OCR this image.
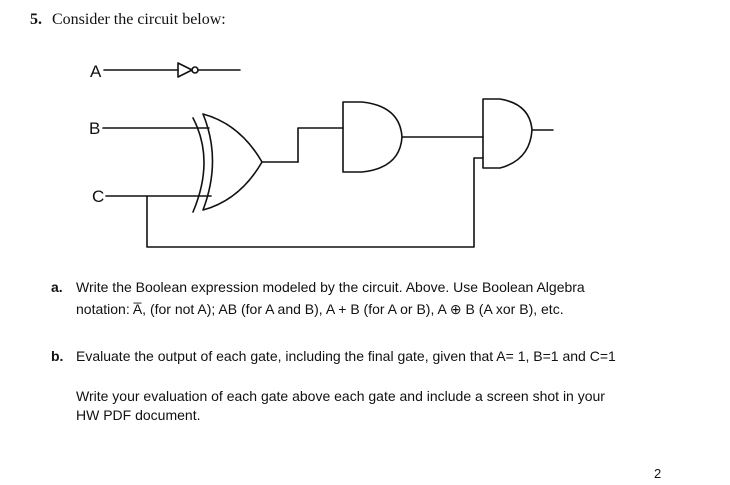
5. Consider the circuit below:
A
B
C
a. Write the Boolean expression modeled by the circuit. Above. Use Boolean Algebra
notation: A̅, (for not A); AB (for A and B), A + B (for A or B), A ⊕ B (A xor B), etc.
b. Evaluate the output of each gate, including the final gate, given that A= 1, B=1 and C=1
Write your evaluation of each gate above each gate and include a screen shot in your
HW PDF document.
2
